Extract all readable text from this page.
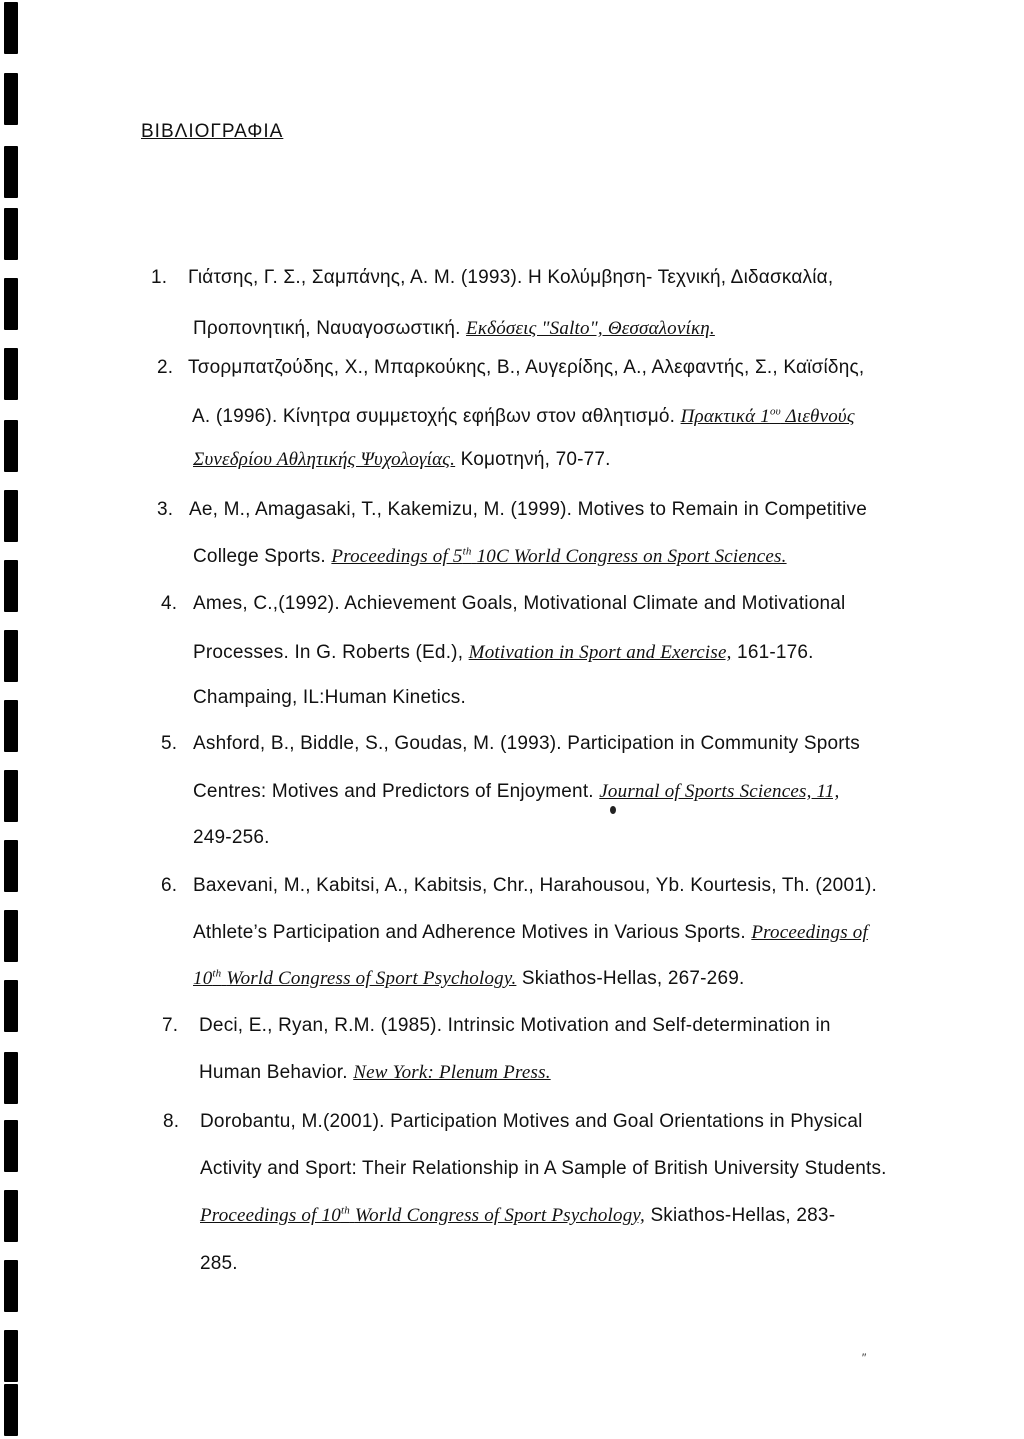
ΒΙΒΛΙΟΓΡΑΦΙΑ
1. Γιάτσης, Γ. Σ., Σαμπάνης, Α. Μ. (1993). Η Κολύμβηση- Τεχνική, Διδασκαλία,
Προπονητική, Ναυαγοσωστική. Εκδόσεις "Salto", Θεσσαλονίκη.
2. Τσορμπατζούδης, Χ., Μπαρκούκης, Β., Αυγερίδης, Α., Αλεφαντής, Σ., Καϊσίδης,
Α. (1996). Κίνητρα συμμετοχής εφήβων στον αθλητισμό. Πρακτικά $1^{o\upsilon}$ Διεθνούς
Συνεδρίου Αθλητικής Ψυχολογίας. Κομοτηνή, 70-77.
3. Ae, M., Amagasaki, T., Kakemizu, M. (1999). Motives to Remain in Competitive
College Sports. Proceedings of 5th 10C World Congress on Sport Sciences.
4. Ames, C.,(1992). Achievement Goals, Motivational Climate and Motivational
Processes. In G. Roberts (Ed.), Motivation in Sport and Exercise, 161-176.
Champaing, IL:Human Kinetics.
5. Ashford, B., Biddle, S., Goudas, M. (1993). Participation in Community Sports
Centres: Motives and Predictors of Enjoyment. Journal of Sports Sciences, 11,
249-256.
6. Baxevani, M., Kabitsi, A., Kabitsis, Chr., Harahousou, Yb. Kourtesis, Th. (2001).
Athlete’s Participation and Adherence Motives in Various Sports. Proceedings of
10th World Congress of Sport Psychology. Skiathos-Hellas, 267-269.
7. Deci, E., Ryan, R.M. (1985). Intrinsic Motivation and Self-determination in
Human Behavior. New York: Plenum Press.
8. Dorobantu, M.(2001). Participation Motives and Goal Orientations in Physical
Activity and Sport: Their Relationship in A Sample of British University Students.
Proceedings of 10th World Congress of Sport Psychology, Skiathos-Hellas, 283-
285.
′′
